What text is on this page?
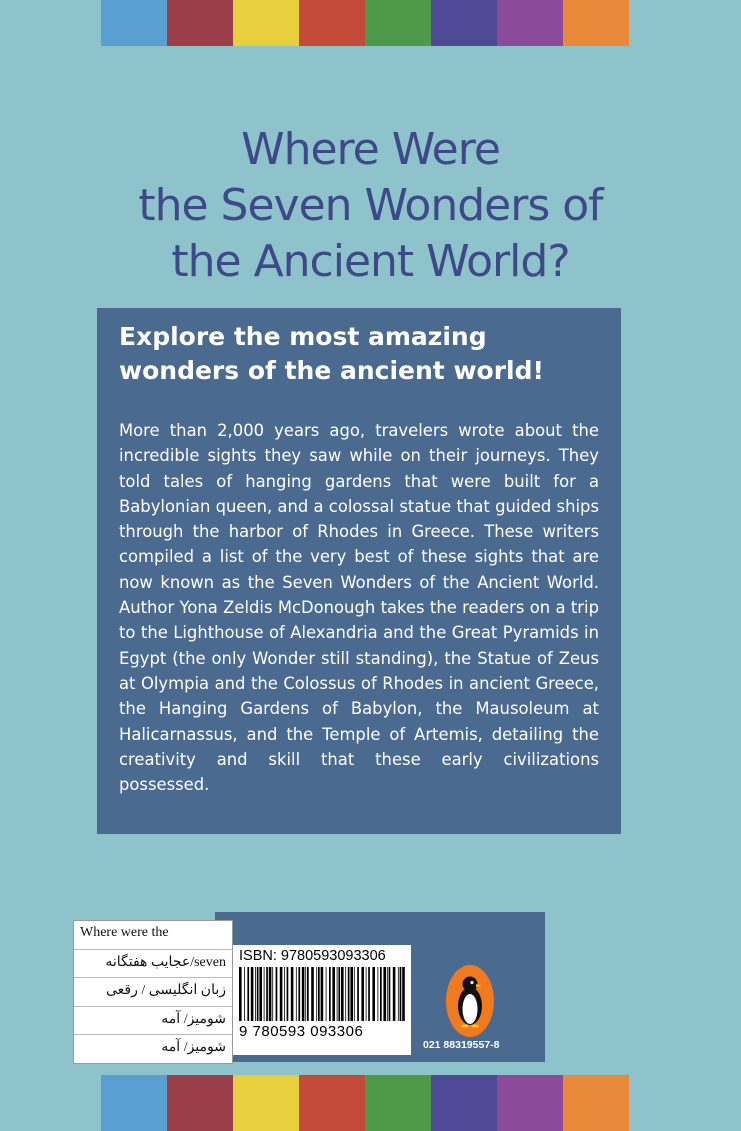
Where Were
the Seven Wonders of
the Ancient World?

Explore the most amazing wonders of the ancient world!

More than 2,000 years ago, travelers wrote about the incredible sights they saw while on their journeys. They told tales of hanging gardens that were built for a Babylonian queen, and a colossal statue that guided ships through the harbor of Rhodes in Greece. These writers compiled a list of the very best of these sights that are now known as the Seven Wonders of the Ancient World. Author Yona Zeldis McDonough takes the readers on a trip to the Lighthouse of Alexandria and the Great Pyramids in Egypt (the only Wonder still standing), the Statue of Zeus at Olympia and the Colossus of Rhodes in ancient Greece, the Hanging Gardens of Babylon, the Mausoleum at Halicarnassus, and the Temple of Artemis, detailing the creativity and skill that these early civilizations possessed.

ISBN: 9780593093306
9 780593 093306
Ayande Ketab	021 88319557-8
Where were the
seven/عجایب هفتگانه
زبان انگلیسی / رقعی
شومیز/ آمه
شومیز/ آمه
